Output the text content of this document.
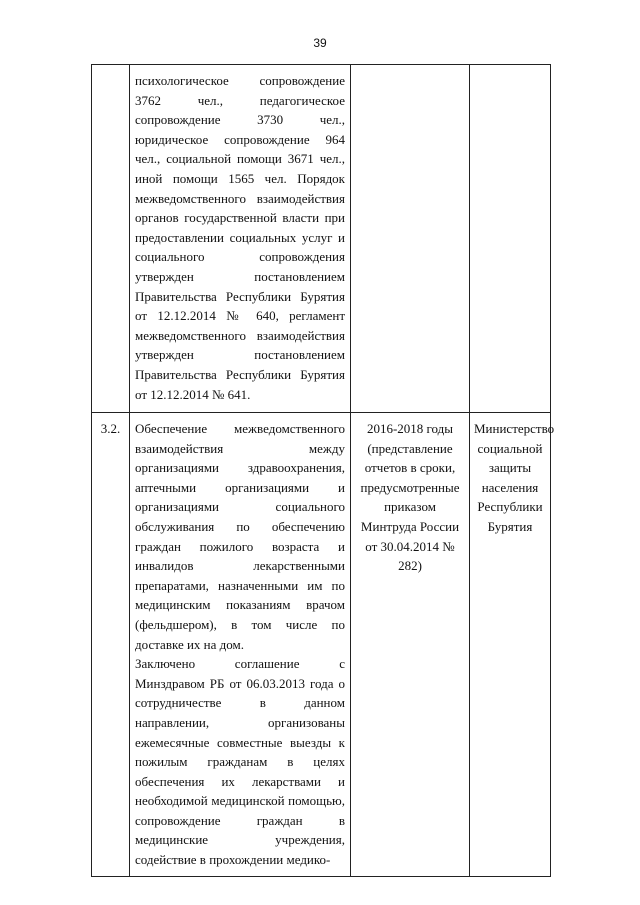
39

	психологическое сопровождение 3762 чел., педагогическое сопровождение 3730 чел., юридическое сопровождение 964 чел., социальной помощи 3671 чел., иной помощи 1565 чел. Порядок межведомственного взаимодействия органов государственной власти при предоставлении социальных услуг и социального сопровождения утвержден постановлением Правительства Республики Бурятия от 12.12.2014 № 640, регламент межведомственного взаимодействия утвержден постановлением Правительства Республики Бурятия от 12.12.2014 № 641.		

3.2.	Обеспечение межведомственного взаимодействия между организациями здравоохранения, аптечными организациями и организациями социального обслуживания по обеспечению граждан пожилого возраста и инвалидов лекарственными препаратами, назначенными им по медицинским показаниям врачом (фельдшером), в том числе по доставке их на дом.

Заключено соглашение с Минздравом РБ от 06.03.2013 года о сотрудничестве в данном направлении, организованы ежемесячные совместные выезды к пожилым гражданам в целях обеспечения их лекарствами и необходимой медицинской помощью, сопровождение граждан в медицинские учреждения, содействие в прохождении медико-	2016-2018 годы (представление отчетов в сроки, предусмотренные приказом Минтруда России от 30.04.2014 № 282)	Министерство социальной защиты населения Республики Бурятия
